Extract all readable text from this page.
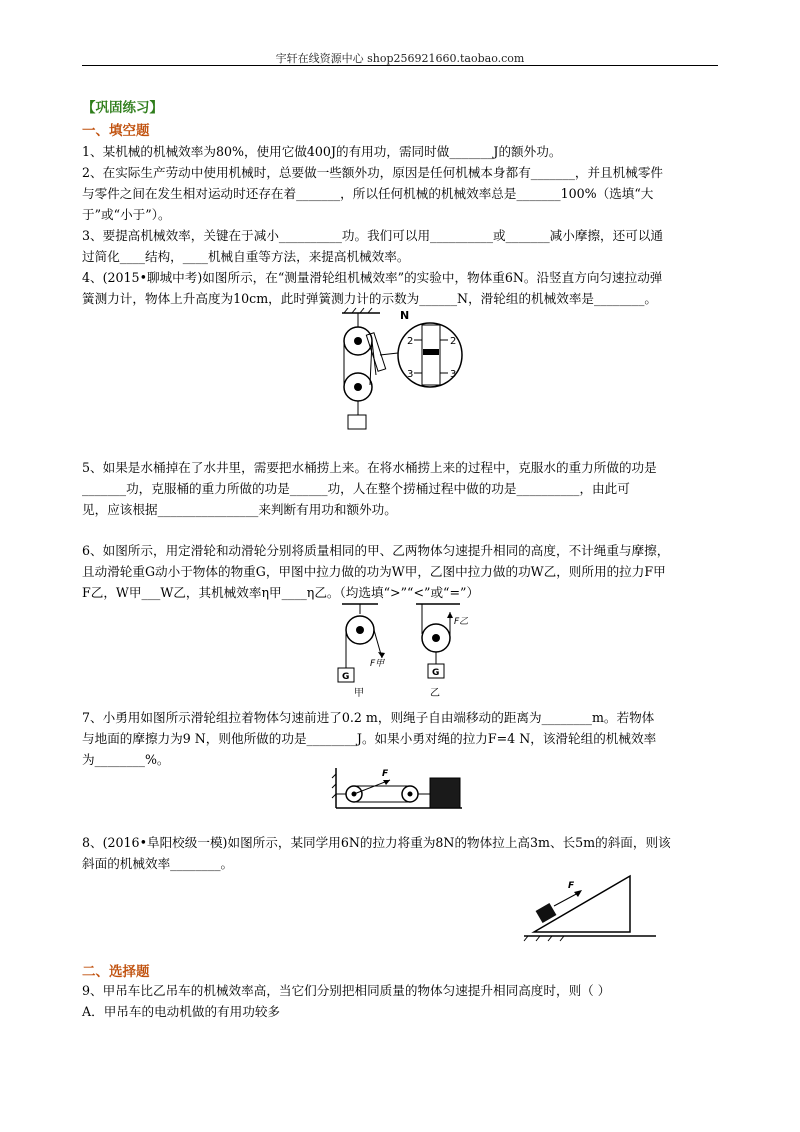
宇轩在线资源中心 shop256921660.taobao.com
【巩固练习】
一、填空题
1、某机械的机械效率为80%，使用它做400J的有用功，需同时做_______J的额外功。
2、在实际生产劳动中使用机械时，总要做一些额外功，原因是任何机械本身都有_______，并且机械零件
与零件之间在发生相对运动时还存在着_______，所以任何机械的机械效率总是_______100%（选填“大
于”或“小于”）。
3、要提高机械效率，关键在于减小__________功。我们可以用__________或_______减小摩擦，还可以通
过简化____结构，____机械自重等方法，来提高机械效率。
4、(2015•聊城中考)如图所示，在“测量滑轮组机械效率”的实验中，物体重6N。沿竖直方向匀速拉动弹
簧测力计，物体上升高度为10cm，此时弹簧测力计的示数为______N，滑轮组的机械效率是________。
N
2
3
2
3
5、如果是水桶掉在了水井里，需要把水桶捞上来。在将水桶捞上来的过程中，克服水的重力所做的功是
_______功，克服桶的重力所做的功是______功，人在整个捞桶过程中做的功是__________，由此可
见，应该根据________________来判断有用功和额外功。
6、如图所示，用定滑轮和动滑轮分别将质量相同的甲、乙两物体匀速提升相同的高度，不计绳重与摩擦，
且动滑轮重G动小于物体的物重G，甲图中拉力做的功为W甲，乙图中拉力做的功W乙，则所用的拉力F甲
F乙，W甲___W乙，其机械效率η甲____η乙。（均选填“>”“<”或“=”）
F甲
G
甲
F乙
G
乙
7、小勇用如图所示滑轮组拉着物体匀速前进了0.2 m，则绳子自由端移动的距离为________m。若物体
与地面的摩擦力为9 N，则他所做的功是________J。如果小勇对绳的拉力F=4 N，该滑轮组的机械效率
为________%。
F
8、(2016•阜阳校级一模)如图所示，某同学用6N的拉力将重为8N的物体拉上高3m、长5m的斜面，则该
斜面的机械效率________。
F
二、选择题
9、甲吊车比乙吊车的机械效率高，当它们分别把相同质量的物体匀速提升相同高度时，则（ ）
A．甲吊车的电动机做的有用功较多
